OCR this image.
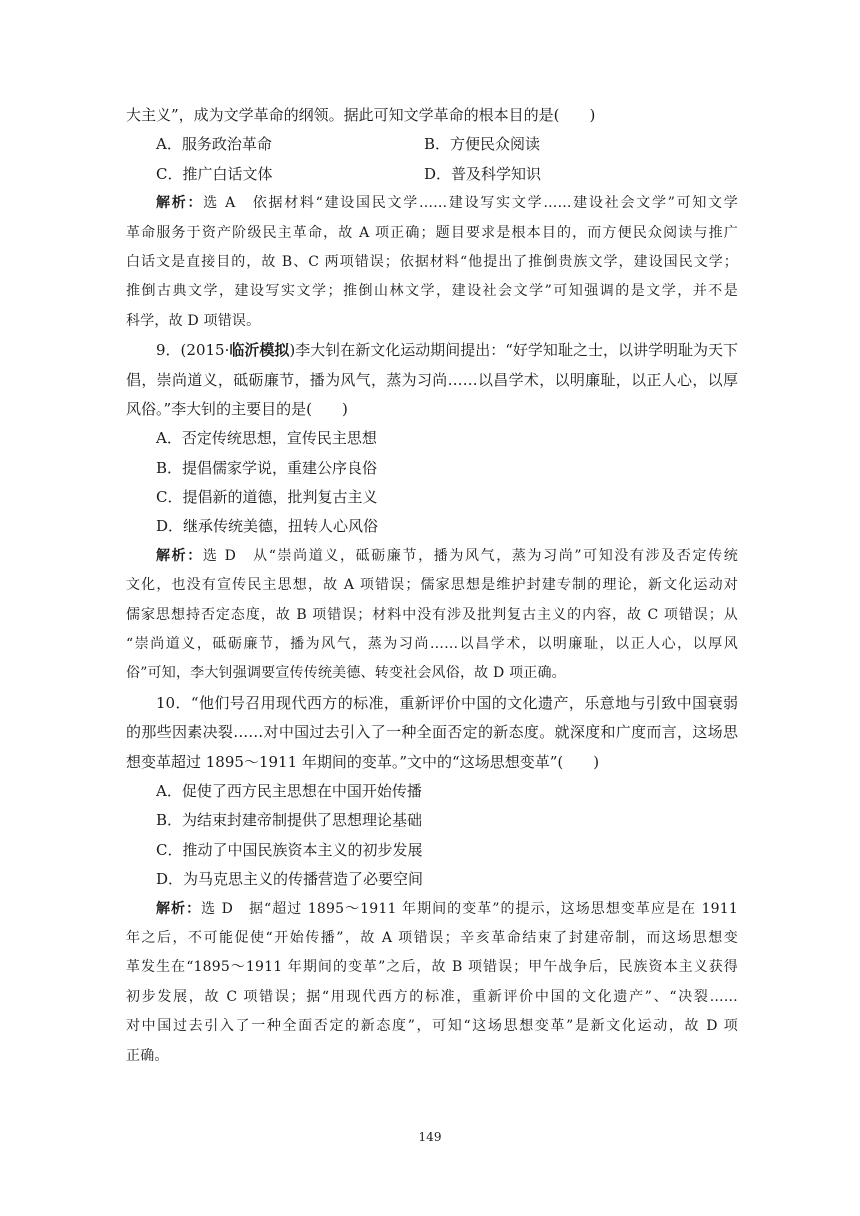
大主义”，成为文学革命的纲领。据此可知文学革命的根本目的是(　　)
A．服务政治革命	B．方便民众阅读
C．推广白话文体	D．普及科学知识
解析：选 A　依据材料“建设国民文学……建设写实文学……建设社会文学”可知文学
革命服务于资产阶级民主革命，故 A 项正确；题目要求是根本目的，而方便民众阅读与推广
白话文是直接目的，故 B、C 两项错误；依据材料“他提出了推倒贵族文学，建设国民文学；
推倒古典文学，建设写实文学；推倒山林文学，建设社会文学”可知强调的是文学，并不是
科学，故 D 项错误。
9．(2015·临沂模拟)李大钊在新文化运动期间提出：“好学知耻之士，以讲学明耻为天下
倡，崇尚道义，砥砺廉节，播为风气，蒸为习尚……以昌学术，以明廉耻，以正人心，以厚
风俗。”李大钊的主要目的是(　　)
A．否定传统思想，宣传民主思想
B．提倡儒家学说，重建公序良俗
C．提倡新的道德，批判复古主义
D．继承传统美德，扭转人心风俗
解析：选 D　从“崇尚道义，砥砺廉节，播为风气，蒸为习尚”可知没有涉及否定传统
文化，也没有宣传民主思想，故 A 项错误；儒家思想是维护封建专制的理论，新文化运动对
儒家思想持否定态度，故 B 项错误；材料中没有涉及批判复古主义的内容，故 C 项错误；从
“崇尚道义，砥砺廉节，播为风气，蒸为习尚……以昌学术，以明廉耻，以正人心，以厚风
俗”可知，李大钊强调要宣传传统美德、转变社会风俗，故 D 项正确。
10．“他们号召用现代西方的标准，重新评价中国的文化遗产，乐意地与引致中国衰弱
的那些因素决裂……对中国过去引入了一种全面否定的新态度。就深度和广度而言，这场思
想变革超过 1895～1911 年期间的变革。”文中的“这场思想变革”(　　)
A．促使了西方民主思想在中国开始传播
B．为结束封建帝制提供了思想理论基础
C．推动了中国民族资本主义的初步发展
D．为马克思主义的传播营造了必要空间
解析：选 D　据“超过 1895～1911 年期间的变革”的提示，这场思想变革应是在 1911
年之后，不可能促使“开始传播”，故 A 项错误；辛亥革命结束了封建帝制，而这场思想变
革发生在“1895～1911 年期间的变革”之后，故 B 项错误；甲午战争后，民族资本主义获得
初步发展，故 C 项错误；据“用现代西方的标准，重新评价中国的文化遗产”、“决裂……
对中国过去引入了一种全面否定的新态度”，可知“这场思想变革”是新文化运动，故 D 项
正确。
149
